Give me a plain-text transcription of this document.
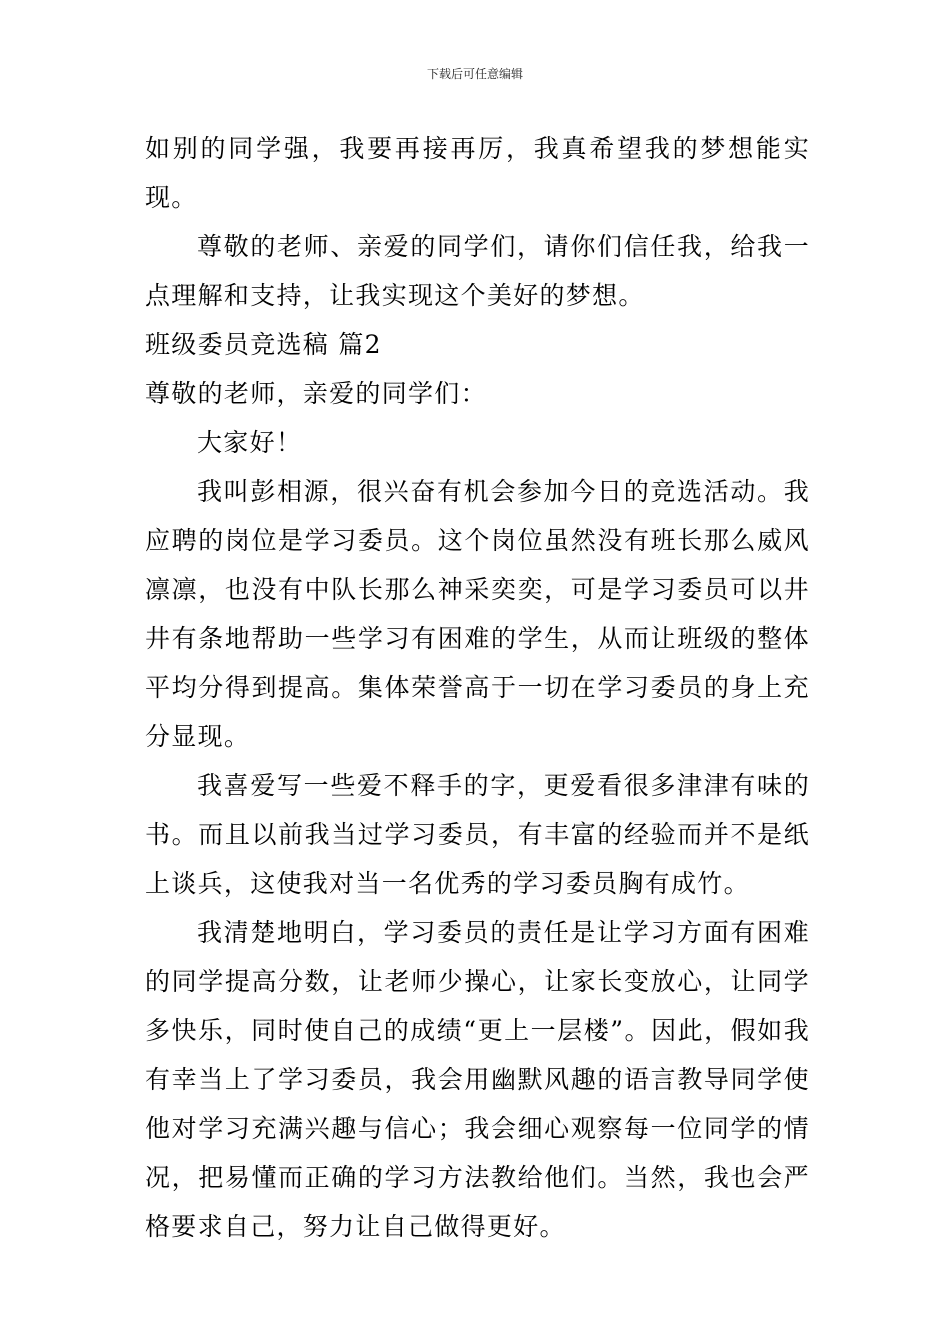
下载后可任意编辑

如别的同学强，我要再接再厉，我真希望我的梦想能实现。

尊敬的老师、亲爱的同学们，请你们信任我，给我一点理解和支持，让我实现这个美好的梦想。

班级委员竞选稿 篇2

尊敬的老师，亲爱的同学们：

大家好！

我叫彭相源，很兴奋有机会参加今日的竞选活动。我应聘的岗位是学习委员。这个岗位虽然没有班长那么威风凛凛，也没有中队长那么神采奕奕，可是学习委员可以井井有条地帮助一些学习有困难的学生，从而让班级的整体平均分得到提高。集体荣誉高于一切在学习委员的身上充分显现。

我喜爱写一些爱不释手的字，更爱看很多津津有味的书。而且以前我当过学习委员，有丰富的经验而并不是纸上谈兵，这使我对当一名优秀的学习委员胸有成竹。

我清楚地明白，学习委员的责任是让学习方面有困难的同学提高分数，让老师少操心，让家长变放心，让同学多快乐，同时使自己的成绩“更上一层楼”。因此，假如我有幸当上了学习委员，我会用幽默风趣的语言教导同学使他对学习充满兴趣与信心；我会细心观察每一位同学的情况，把易懂而正确的学习方法教给他们。当然，我也会严格要求自己，努力让自己做得更好。
